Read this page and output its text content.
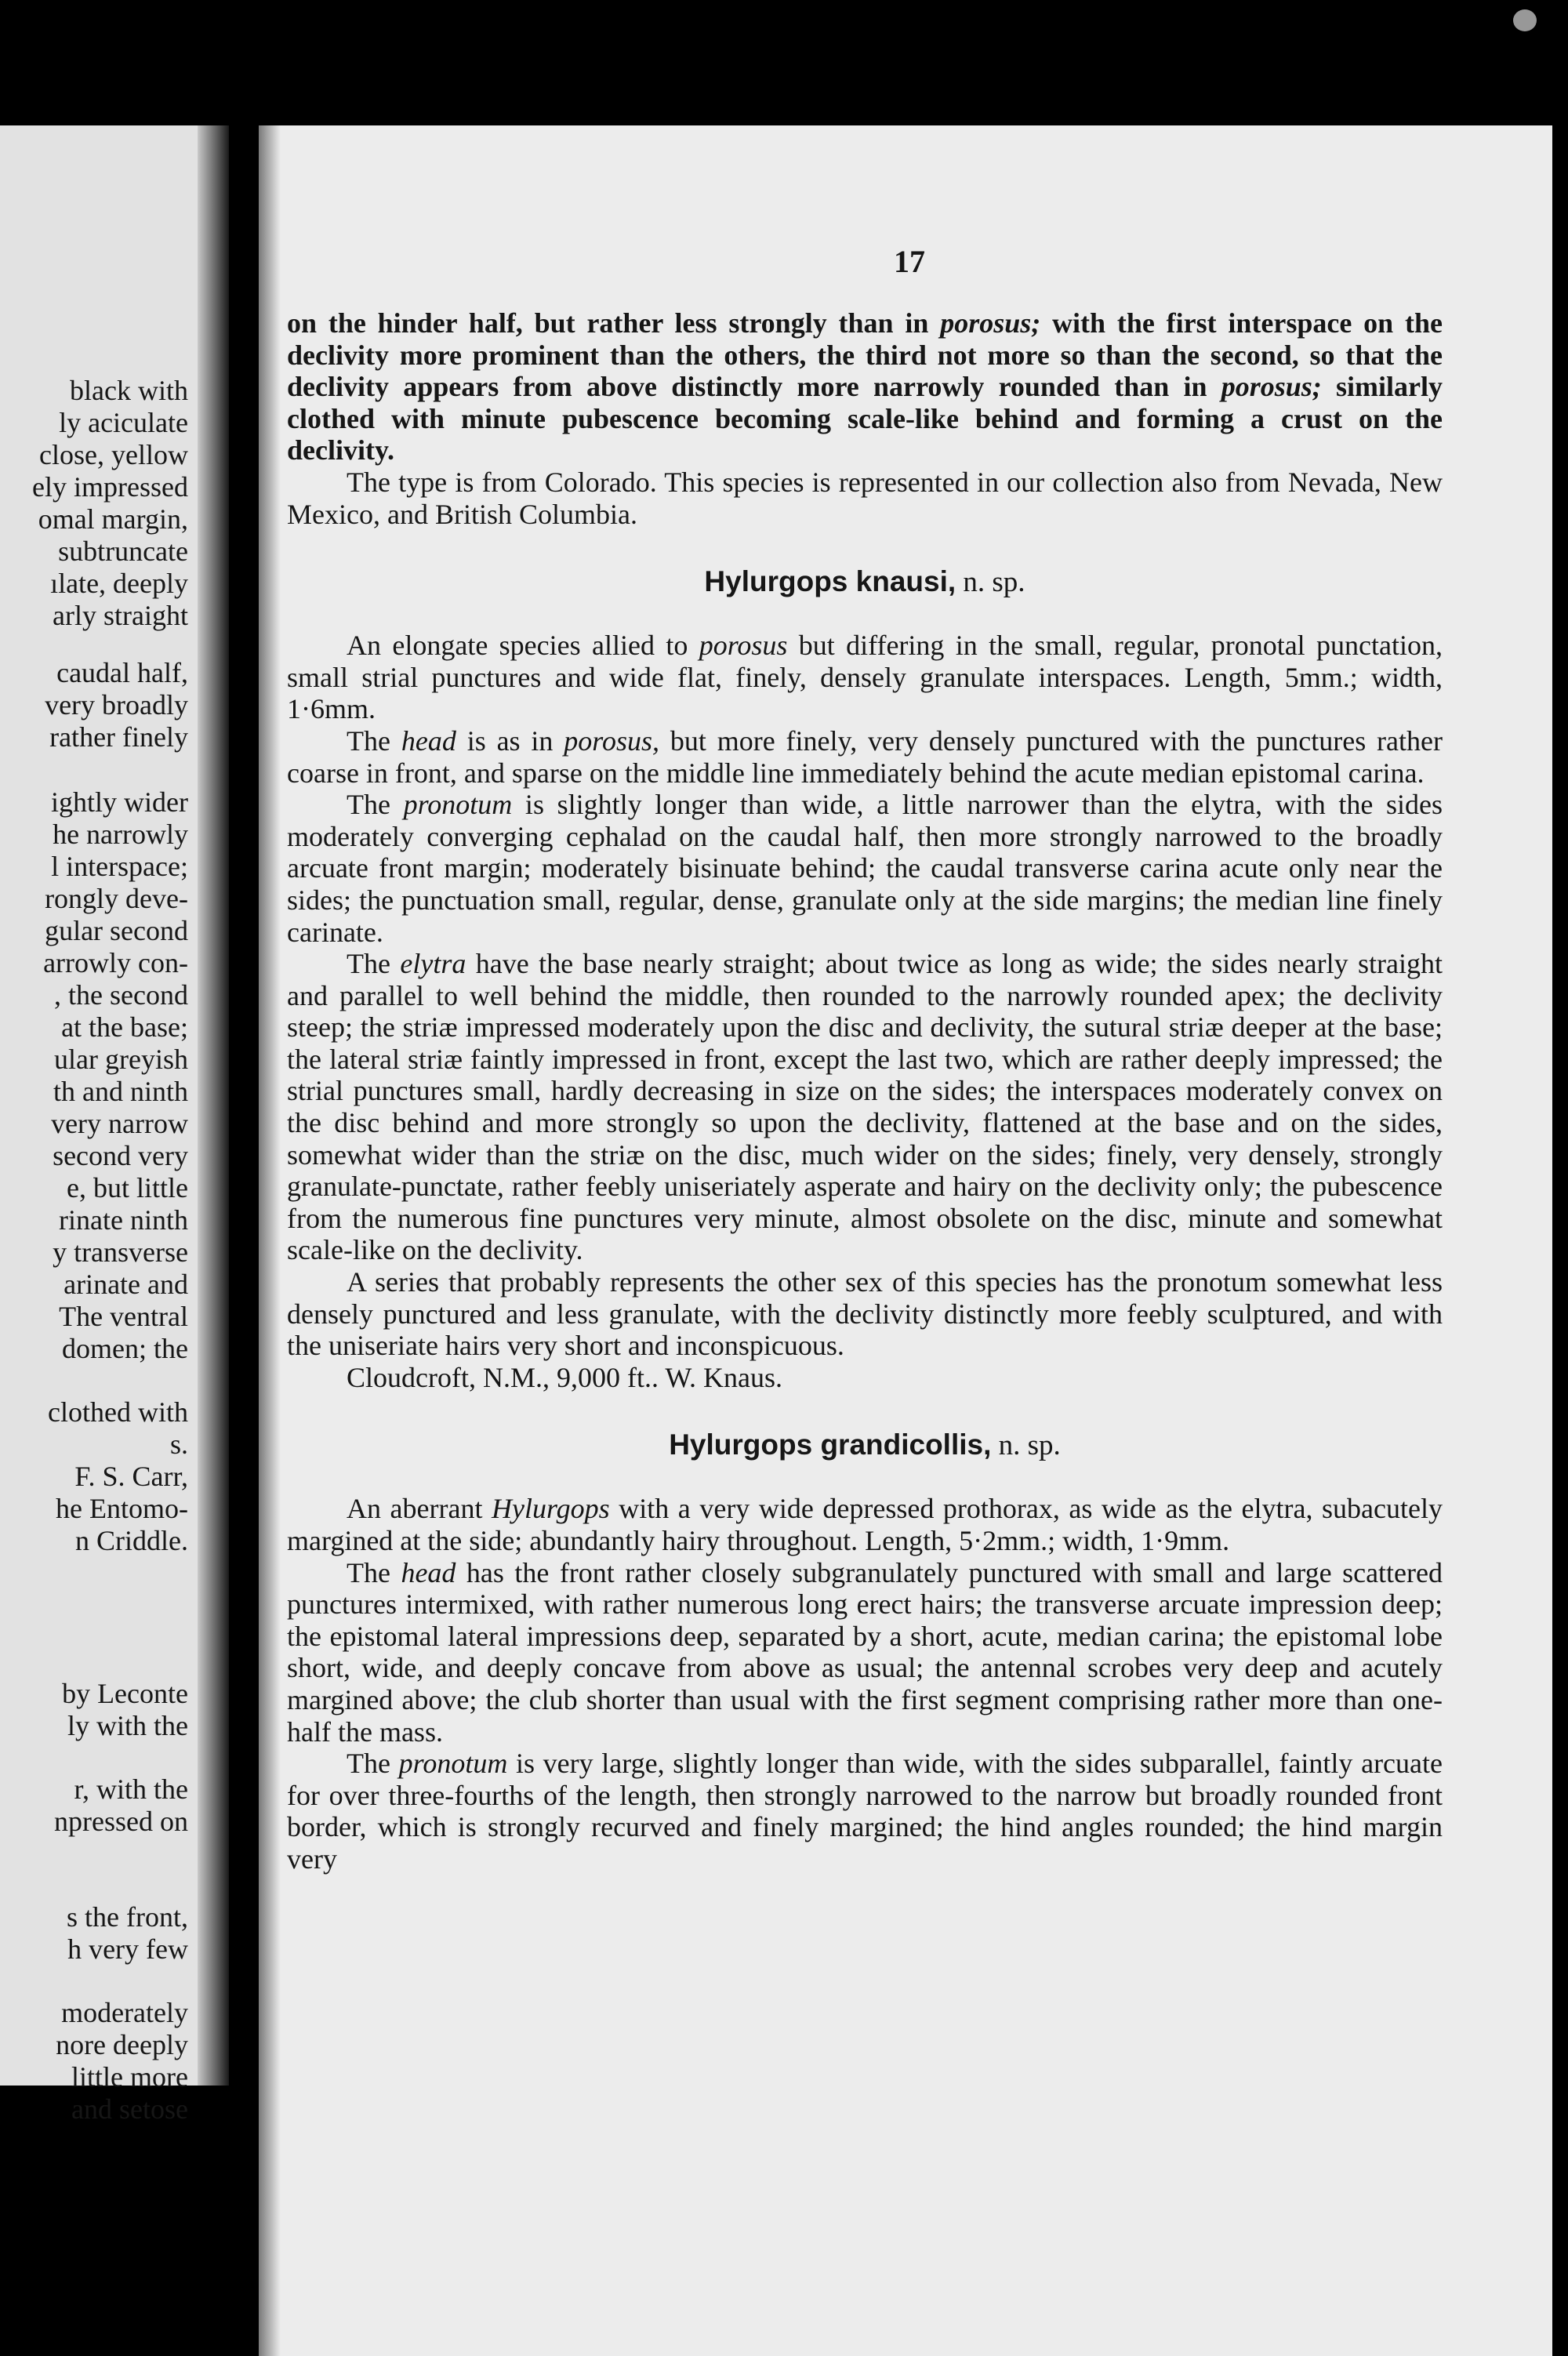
black with
ly aciculate
close, yellow
ely impressed
omal margin,
subtruncate
ılate, deeply
arly straight
caudal half,
very broadly
rather finely
ightly wider
he narrowly
l interspace;
rongly deve-
gular second
arrowly con-
, the second
at the base;
ular greyish
th and ninth
very narrow
second very
e, but little
rinate ninth
y transverse
arinate and
The ventral
domen; the
clothed with
s.
F. S. Carr,
he Entomo-
n Criddle.
by Leconte
ly with the
r, with the
npressed on
s the front,
h very few
moderately
nore deeply
little more
and setose
17

on the hinder half, but rather less strongly than in porosus; with the first interspace on the declivity more prominent than the others, the third not more so than the second, so that the declivity appears from above distinctly more narrowly rounded than in porosus; similarly clothed with minute pubescence becoming scale-like behind and forming a crust on the declivity.

The type is from Colorado. This species is represented in our collection also from Nevada, New Mexico, and British Columbia.

Hylurgops knausi, n. sp.

An elongate species allied to porosus but differing in the small, regular, pronotal punctation, small strial punctures and wide flat, finely, densely granulate interspaces. Length, 5mm.; width, 1·6mm.

The head is as in porosus, but more finely, very densely punctured with the punctures rather coarse in front, and sparse on the middle line immediately behind the acute median epistomal carina.

The pronotum is slightly longer than wide, a little narrower than the elytra, with the sides moderately converging cephalad on the caudal half, then more strongly narrowed to the broadly arcuate front margin; moderately bisinuate behind; the caudal transverse carina acute only near the sides; the punctuation small, regular, dense, granulate only at the side margins; the median line finely carinate.

The elytra have the base nearly straight; about twice as long as wide; the sides nearly straight and parallel to well behind the middle, then rounded to the narrowly rounded apex; the declivity steep; the striæ impressed moderately upon the disc and declivity, the sutural striæ deeper at the base; the lateral striæ faintly impressed in front, except the last two, which are rather deeply impressed; the strial punctures small, hardly decreasing in size on the sides; the interspaces moderately convex on the disc behind and more strongly so upon the declivity, flattened at the base and on the sides, somewhat wider than the striæ on the disc, much wider on the sides; finely, very densely, strongly granulate-punctate, rather feebly uniseriately asperate and hairy on the declivity only; the pubescence from the numerous fine punctures very minute, almost obsolete on the disc, minute and somewhat scale-like on the declivity.

A series that probably represents the other sex of this species has the pronotum somewhat less densely punctured and less granulate, with the declivity distinctly more feebly sculptured, and with the uniseriate hairs very short and inconspicuous.

Cloudcroft, N.M., 9,000 ft.. W. Knaus.

Hylurgops grandicollis, n. sp.

An aberrant Hylurgops with a very wide depressed prothorax, as wide as the elytra, subacutely margined at the side; abundantly hairy throughout. Length, 5·2mm.; width, 1·9mm.

The head has the front rather closely subgranulately punctured with small and large scattered punctures intermixed, with rather numerous long erect hairs; the transverse arcuate impression deep; the epistomal lateral impressions deep, separated by a short, acute, median carina; the epistomal lobe short, wide, and deeply concave from above as usual; the antennal scrobes very deep and acutely margined above; the club shorter than usual with the first segment comprising rather more than one-half the mass.

The pronotum is very large, slightly longer than wide, with the sides subparallel, faintly arcuate for over three-fourths of the length, then strongly narrowed to the narrow but broadly rounded front border, which is strongly recurved and finely margined; the hind angles rounded; the hind margin very
